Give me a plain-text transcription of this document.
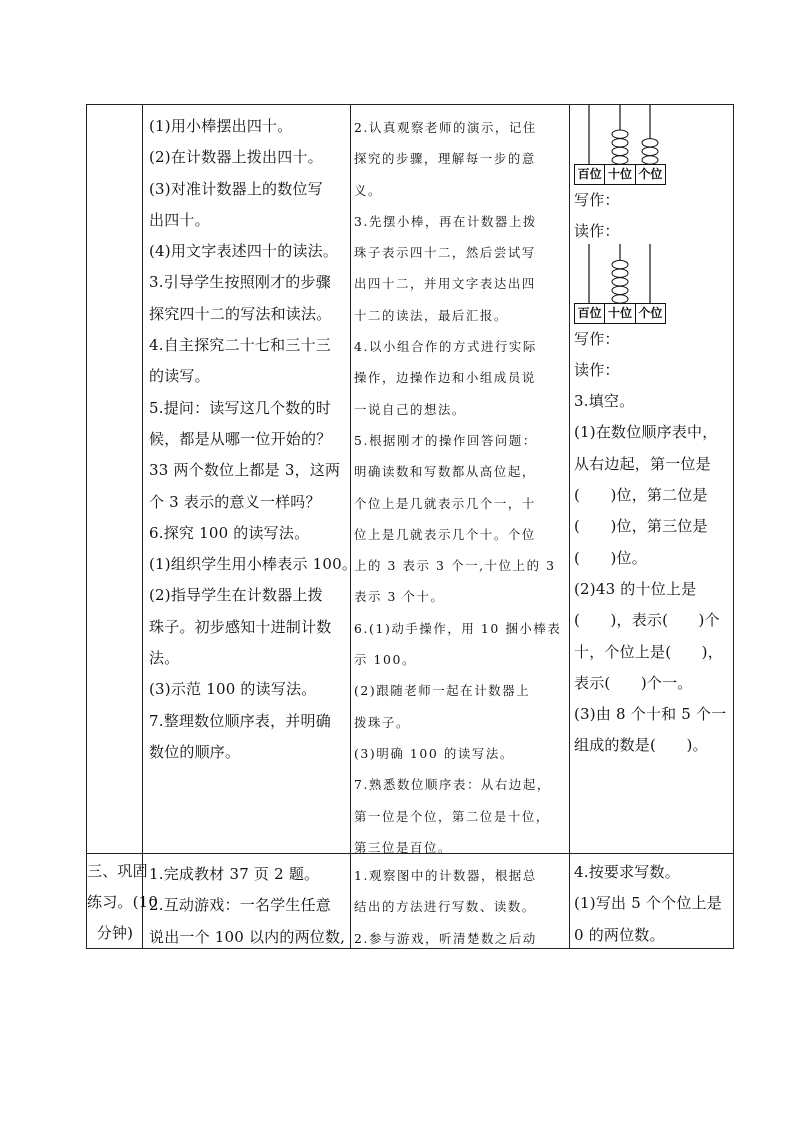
(1)用小棒摆出四十。
(2)在计数器上拨出四十。
(3)对准计数器上的数位写
出四十。
(4)用文字表述四十的读法。
3.引导学生按照刚才的步骤
探究四十二的写法和读法。
4.自主探究二十七和三十三
的读写。
5.提问：读写这几个数的时
候，都是从哪一位开始的？
33 两个数位上都是 3，这两
个 3 表示的意义一样吗？
6.探究 100 的读写法。
(1)组织学生用小棒表示 100。
(2)指导学生在计数器上拨
珠子。初步感知十进制计数
法。
(3)示范 100 的读写法。
7.整理数位顺序表，并明确
数位的顺序。
2.认真观察老师的演示，记住
探究的步骤，理解每一步的意
义。
3.先摆小棒，再在计数器上拨
珠子表示四十二，然后尝试写
出四十二，并用文字表达出四
十二的读法，最后汇报。
4.以小组合作的方式进行实际
操作，边操作边和小组成员说
一说自己的想法。
5.根据刚才的操作回答问题：
明确读数和写数都从高位起，
个位上是几就表示几个一，十
位上是几就表示几个十。个位
上的 3 表示 3 个一,十位上的 3
表示 3 个十。
6.(1)动手操作，用 10 捆小棒表
示 100。
(2)跟随老师一起在计数器上
拨珠子。
(3)明确 100 的读写法。
7.熟悉数位顺序表：从右边起，
第一位是个位，第二位是十位，
第三位是百位。
百位 十位 个位
写作：
读作：
百位 十位 个位
写作：
读作：
3.填空。
(1)在数位顺序表中，
从右边起，第一位是
(　　)位，第二位是
(　　)位，第三位是
(　　)位。
(2)43 的十位上是
(　　)，表示(　　)个
十，个位上是(　　)，
表示(　　)个一。
(3)由 8 个十和 5 个一
组成的数是(　　)。
三、巩固
练习。(10
分钟)
1.完成教材 37 页 2 题。
2.互动游戏：一名学生任意
说出一个 100 以内的两位数,
1.观察图中的计数器，根据总
结出的方法进行写数、读数。
2.参与游戏，听清楚数之后动
4.按要求写数。
(1)写出 5 个个位上是
0 的两位数。
